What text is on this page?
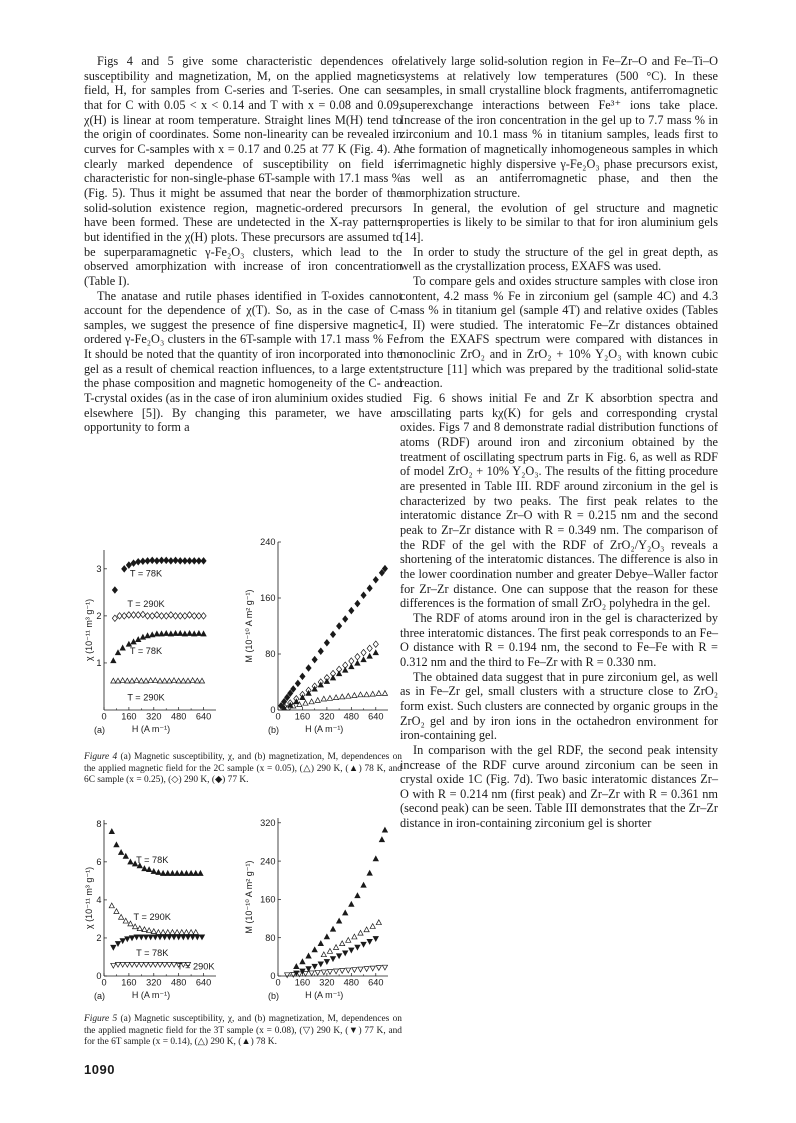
Figs 4 and 5 give some characteristic dependences of susceptibility and magnetization, M, on the applied magnetic field, H, for samples from C-series and T-series. One can see that for C with 0.05 < x < 0.14 and T with x = 0.08 and 0.09, χ(H) is linear at room temperature. Straight lines M(H) tend to the origin of coordinates. Some non-linearity can be revealed in curves for C-samples with x = 0.17 and 0.25 at 77 K (Fig. 4). A clearly marked dependence of susceptibility on field is characteristic for non-single-phase 6T-sample with 17.1 mass % (Fig. 5). Thus it might be assumed that near the border of the solid-solution existence region, magnetic-ordered precursors have been formed. These are undetected in the X-ray patterns but identified in the χ(H) plots. These precursors are assumed to be superparamagnetic γ-Fe₂O₃ clusters, which lead to the observed amorphization with increase of iron concentration (Table I).

The anatase and rutile phases identified in T-oxides cannot account for the dependence of χ(T). So, as in the case of C-samples, we suggest the presence of fine dispersive magnetic-ordered γ-Fe₂O₃ clusters in the 6T-sample with 17.1 mass % Fe. It should be noted that the quantity of iron incorporated into the gel as a result of chemical reaction influences, to a large extent, the phase composition and magnetic homogeneity of the C- and T-crystal oxides (as in the case of iron aluminium oxides studied elsewhere [5]). By changing this parameter, we have an opportunity to form a

relatively large solid-solution region in Fe–Zr–O and Fe–Ti–O systems at relatively low temperatures (500 °C). In these samples, in small crystalline block fragments, antiferromagnetic superexchange interactions between Fe³⁺ ions take place. Increase of the iron concentration in the gel up to 7.7 mass % in zirconium and 10.1 mass % in titanium samples, leads first to the formation of magnetically inhomogeneous samples in which ferrimagnetic highly dispersive γ-Fe₂O₃ phase precursors exist, as well as an antiferromagnetic phase, and then the amorphization structure.

In general, the evolution of gel structure and magnetic properties is likely to be similar to that for iron aluminium gels [14].

In order to study the structure of the gel in great depth, as well as the crystallization process, EXAFS was used.

To compare gels and oxides structure samples with close iron content, 4.2 mass % Fe in zirconium gel (sample 4C) and 4.3 mass % in titanium gel (sample 4T) and relative oxides (Tables I, II) were studied. The interatomic Fe–Zr distances obtained from the EXAFS spectrum were compared with distances in monoclinic ZrO₂ and in ZrO₂ + 10% Y₂O₃ with known cubic structure [11] which was prepared by the traditional solid-state reaction.

Fig. 6 shows initial Fe and Zr K absorbtion spectra and oscillating parts kχ(K) for gels and corresponding crystal oxides. Figs 7 and 8 demonstrate radial distribution functions of atoms (RDF) around iron and zirconium obtained by the treatment of oscillating spectrum parts in Fig. 6, as well as RDF of model ZrO₂ + 10% Y₂O₃. The results of the fitting procedure are presented in Table III. RDF around zirconium in the gel is characterized by two peaks. The first peak relates to the interatomic distance Zr–O with R = 0.215 nm and the second peak to Zr–Zr distance with R = 0.349 nm. The comparison of the RDF of the gel with the RDF of ZrO₂/Y₂O₃ reveals a shortening of the interatomic distances. The difference is also in the lower coordination number and greater Debye–Waller factor for Zr–Zr distance. One can suppose that the reason for these differences is the formation of small ZrO₂ polyhedra in the gel.

The RDF of atoms around iron in the gel is characterized by three interatomic distances. The first peak corresponds to an Fe–O distance with R = 0.194 nm, the second to Fe–Fe with R = 0.312 nm and the third to Fe–Zr with R = 0.330 nm.

The obtained data suggest that in pure zirconium gel, as well as in Fe–Zr gel, small clusters with a structure close to ZrO₂ form exist. Such clusters are connected by organic groups in the ZrO₂ gel and by iron ions in the octahedron environment for iron-containing gel.

In comparison with the gel RDF, the second peak intensity increase of the RDF curve around zirconium can be seen in crystal oxide 1C (Fig. 7d). Two basic interatomic distances Zr–O with R = 0.214 nm (first peak) and Zr–Zr with R = 0.361 nm (second peak) can be seen. Table III demonstrates that the Zr–Zr distance in iron-containing zirconium gel is shorter

0 160 320 480 640
1
2
3
χ (10⁻¹¹ m³ g⁻¹)
H (A m⁻¹)
(a)
T = 78K
T = 290K
T = 78K
T = 290K
0 160 320 480 640
0
80
160
240
M (10⁻¹⁰ A m² g⁻¹)
H (A m⁻¹)
(b)
Figure 4 (a) Magnetic susceptibility, χ, and (b) magnetization, M, dependences on the applied magnetic field for the 2C sample (x = 0.05), (△) 290 K, (▲) 78 K, and 6C sample (x = 0.25), (◇) 290 K, (◆) 77 K.
0 160 320 480 640
0
2
4
6
8
χ (10⁻¹¹ m³ g⁻¹)
H (A m⁻¹)
(a)
T = 78K
T = 290K
T = 78K
T = 290K
0 160 320 480 640
0
80
160
240
320
M (10⁻¹⁰ A m² g⁻¹)
H (A m⁻¹)
(b)
Figure 5 (a) Magnetic susceptibility, χ, and (b) magnetization, M, dependences on the applied magnetic field for the 3T sample (x = 0.08), (▽) 290 K, (▼) 77 K, and for the 6T sample (x = 0.14), (△) 290 K, (▲) 78 K.
1090
